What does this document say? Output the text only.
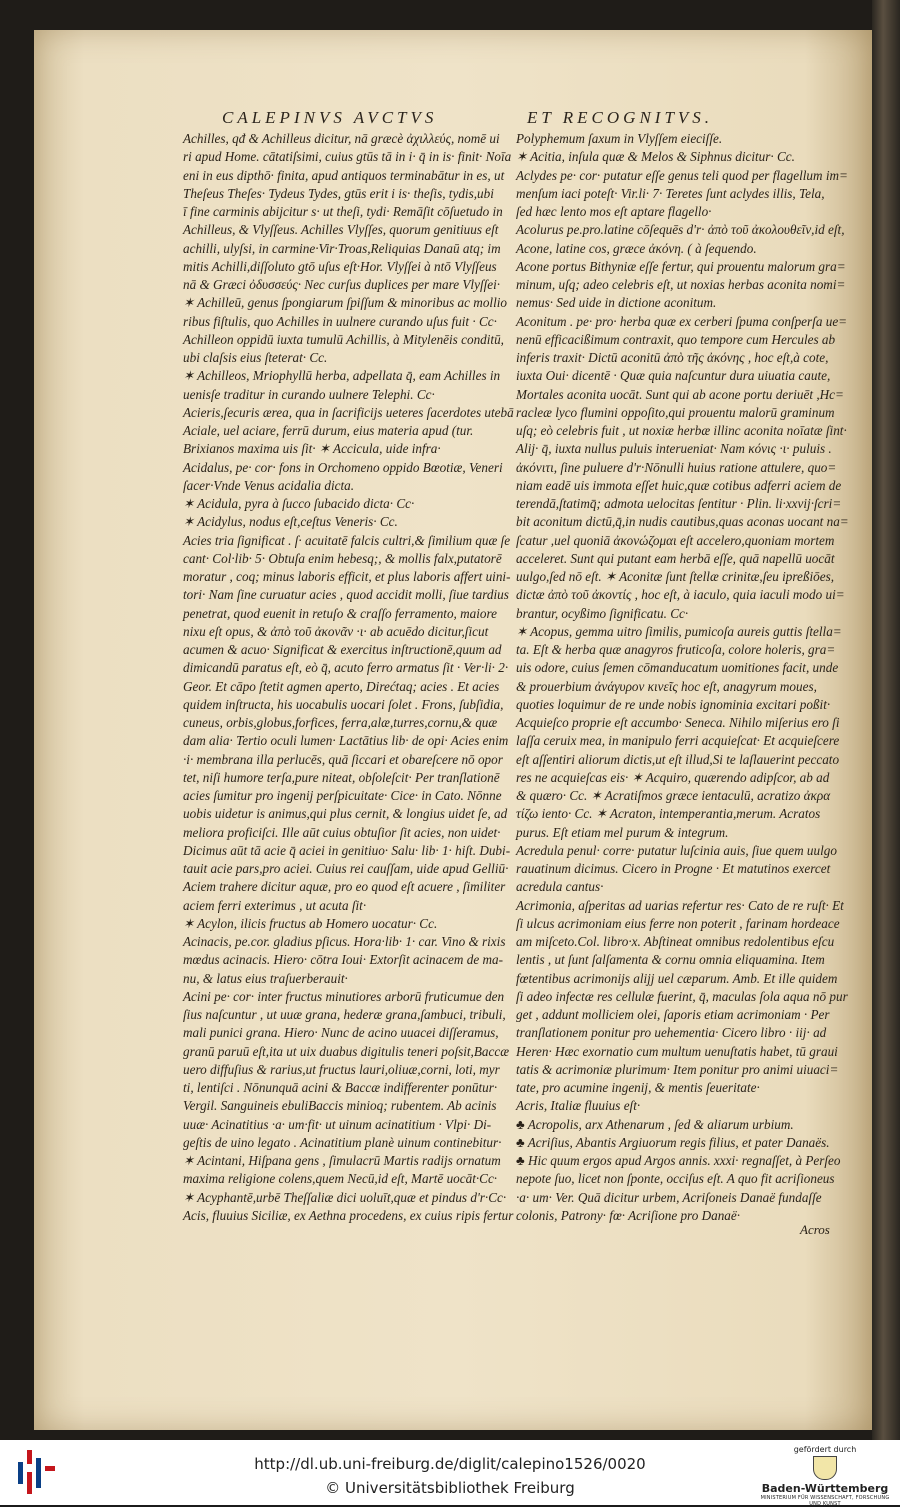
CALEPINVS AVCTVS	ET RECOGNITVS.
Achilles, qđ & Achilleus dicitur, nā græcè ἀχιλλεύς, nomē ui
ri apud Home. cātatiſsimi, cuius gtūs tā in i· q̄ in is· finit· Noīa
eni in eus dipthō· finita, apud antiquos terminabātur in es, ut
Theſeus Theſes· Tydeus Tydes, gtūs erit i is· theſis, tydis,ubi
ī fine carminis abijcitur s· ut theſi, tydi· Remāſit cōſuetudo in
Achilleus, & Vlyſſeus. Achilles Vlyſſes, quorum genitiuus eſt
achilli, ulyſsi, in carmine·Vir·Troas,Reliquias Danaū atq; im
mitis Achilli,diſſoluto gtō uſus eſt·Hor. Vlyſſei à ntō Vlyſſeus
nā & Græci ὀδυσσεύς· Nec curſus duplices per mare Vlyſſei·
✶ Achilleū, genus ſpongiarum ſpiſſum & minoribus ac mollio
ribus fiſtulis, quo Achilles in uulnere curando uſus fuit · Cc·
Achilleon oppidū iuxta tumulū Achillis, à Mitylenēis conditū,
ubi claſsis eius ſteterat· Cc.
✶ Achilleos, Mriophyllū herba, adpellata q̄, eam Achilles in
uenisſe traditur in curando uulnere Telephi. Cc·
Acieris,ſecuris ærea, qua in ſacrificijs ueteres ſacerdotes utebā
Aciale, uel aciare, ferrū durum, eius materia apud (tur.
Brixianos maxima uis ſit· ✶ Accicula, uide infra·
Acidalus, pe· cor· fons in Orchomeno oppido Bœotiæ, Veneri
ſacer·Vnde Venus acidalia dicta.
✶ Acidula, pyra à ſucco ſubacido dicta· Cc·
✶ Acidylus, nodus eſt,ceſtus Veneris· Cc.
Acies tria ſignificat . ſ· acuitatē falcis cultri,& ſimilium quæ ſe
cant· Col·lib· 5· Obtuſa enim hebesq;, & mollis falx,putatorē
moratur , coq; minus laboris efficit, et plus laboris affert uini-
tori· Nam ſine curuatur acies , quod accidit molli, ſiue tardius
penetrat, quod euenit in retuſo & craſſo ferramento, maiore
nixu eſt opus, & ἀπὸ τοῦ ἀκονᾶν ·ι· ab acuēdo dicitur,ſicut
acumen & acuo· Significat & exercitus inſtructionē,quum ad
dimicandū paratus eſt, eò q̄, acuto ferro armatus ſit · Ver·li· 2·
Geor. Et cāpo ſtetit agmen aperto, Direćtaq; acies . Et acies
quidem inſtructa, his uocabulis uocari ſolet . Frons, ſubſidia,
cuneus, orbis,globus,forfices, ferra,alæ,turres,cornu,& quæ
dam alia· Tertio oculi lumen· Lactātius lib· de opi· Acies enim
·i· membrana illa perlucēs, quā ſiccari et obareſcere nō opor
tet, niſi humore terſa,pure niteat, obſoleſcit· Per tranſlationē
acies ſumitur pro ingenij perſpicuitate· Cice· in Cato. Nōnne
uobis uidetur is animus,qui plus cernit, & longius uidet ſe, ad
meliora proficiſci. Ille aūt cuius obtuſior ſit acies, non uidet·
Dicimus aūt tā acie q̄ aciei in genitiuo· Salu· lib· 1· hiſt. Dubi-
tauit acie pars,pro aciei. Cuius rei cauſſam, uide apud Gelliū·
Aciem trahere dicitur aquæ, pro eo quod eſt acuere , ſimiliter
aciem ferri exterimus , ut acuta ſit·
✶ Acylon, ilicis fructus ab Homero uocatur· Cc.
Acinacis, pe.cor. gladius pſicus. Hora·lib· 1· car. Vino & rixis
mœdus acinacis. Hiero· cōtra Ioui· Extorſit acinacem de ma-
nu, & latus eius traſuerberauit·
Acini pe· cor· inter fructus minutiores arborū fruticumue den
ſius naſcuntur , ut uuæ grana, hederæ grana,ſambuci, tribuli,
mali punici grana. Hiero· Nunc de acino uuacei diſſeramus,
granū paruū eſt,ita ut uix duabus digitulis teneri poſsit,Baccæ
uero diffuſius & rarius,ut fructus lauri,oliuæ,corni, loti, myr
ti, lentiſci . Nōnunquā acini & Baccæ indifferenter ponūtur·
Vergil. Sanguineis ebuliBaccis minioq; rubentem. Ab acinis
uuæ· Acinatitius ·a· um·fit· ut uinum acinatitium · Vlpi· Di-
geſtis de uino legato . Acinatitium planè uinum continebitur·
✶ Acintani, Hiſpana gens , ſimulacrū Martis radijs ornatum
maxima religione colens,quem Necū,id eſt, Martē uocāt·Cc·
✶ Acyphantē,urbē Theſſaliæ dici uoluīt,quæ et pindus d'r·Cc·
Acis, fluuius Siciliæ, ex Aethna procedens, ex cuius ripis fertur
Polyphemum ſaxum in Vlyſſem eieciſſe.
✶ Acitia, inſula quæ & Melos & Siphnus dicitur· Cc.
Aclydes pe· cor· putatur eſſe genus teli quod per flagellum im=
menſum iaci poteſt· Vir.li· 7· Teretes ſunt aclydes illis, Tela,
ſed hæc lento mos eſt aptare flagello·
Acolurus pe.pro.latine cōſequēs d'r· ἀπὸ τοῦ ἀκολουθεῖν,id eſt,
Acone, latine cos, græce ἀκόνη. ( à ſequendo.
Acone portus Bithyniæ eſſe fertur, qui prouentu malorum gra=
minum, uſq; adeo celebris eſt, ut noxias herbas aconita nomi=
nemus· Sed uide in dictione aconitum.
Aconitum . pe· pro· herba quæ ex cerberi ſpuma conſperſa ue=
nenū efficacißimum contraxit, quo tempore cum Hercules ab
inferis traxit· Dictū aconitū ἀπὸ τῆς ἀκόνης , hoc eſt,à cote,
iuxta Oui· dicentē · Quæ quia naſcuntur dura uiuatia caute,
Mortales aconita uocāt. Sunt qui ab acone portu deriuēt ,Hc=
racleæ lyco flumini oppoſito,qui prouentu malorū graminum
uſq; eò celebris fuit , ut noxiæ herbæ illinc aconita noīatæ ſint·
Alij· q̄, iuxta nullus puluis interueniat· Nam κόνις ·ι· puluis .
ἀκόνιτι, ſine puluere d'r·Nōnulli huius ratione attulere, quo=
niam eadē uis immota eſſet huic,quæ cotibus adferri aciem de
terendā,ſtatimq̄; admota uelocitas ſentitur · Plin. li·xxvij·ſcri=
bit aconitum dictū,q̄,in nudis cautibus,quas aconas uocant na=
ſcatur ,uel quoniā ἀκονώζομαι eſt accelero,quoniam mortem
acceleret. Sunt qui putant eam herbā eſſe, quā napellū uocāt
uulgo,ſed nō eſt. ✶ Aconitæ ſunt ſtellæ crinitæ,ſeu ipreßiōes,
dictæ ἀπὸ τοῦ ἀκοντίς , hoc eſt, à iaculo, quia iaculi modo ui=
brantur, ocyßimo ſignificatu. Cc·
✶ Acopus, gemma uitro ſimilis, pumicoſa aureis guttis ſtella=
ta. Eſt & herba quæ anagyros fruticoſa, colore holeris, gra=
uis odore, cuius ſemen cōmanducatum uomitiones facit, unde
& prouerbium ἀνάγυρον κινεῖς hoc eſt, anagyrum moues,
quoties loquimur de re unde nobis ignominia excitari poßit·
Acquieſco proprie eſt accumbo· Seneca. Nihilo miſerius ero ſi
laſſa ceruix mea, in manipulo ferri acquieſcat· Et acquieſcere
eſt aſſentiri aliorum dictis,ut eſt illud,Si te laſlauerint peccato
res ne acquieſcas eis· ✶ Acquiro, quærendo adipſcor, ab ad
& quæro· Cc. ✶ Acratiſmos græce ientaculū, acratizo ἀκρα
τίζω iento· Cc. ✶ Acraton, intemperantia,merum. Acratos
purus. Eſt etiam mel purum & integrum.
Acredula penul· corre· putatur luſcinia auis, ſiue quem uulgo
rauatinum dicimus. Cicero in Progne · Et matutinos exercet
acredula cantus·
Acrimonia, aſperitas ad uarias refertur res· Cato de re ruſt· Et
ſi ulcus acrimoniam eius ferre non poterit , farinam hordeace
am miſceto.Col. libro·x. Abſtineat omnibus redolentibus eſcu
lentis , ut ſunt ſalſamenta & cornu omnia eliquamina. Item
fœtentibus acrimonijs alijj uel cæparum. Amb. Et ille quidem
ſi adeo infectæ res cellulæ fuerint, q̄, maculas ſola aqua nō pur
get , addunt molliciem olei, ſaporis etiam acrimoniam · Per
tranſlationem ponitur pro uehementia· Cicero libro · iij· ad
Heren· Hæc exornatio cum multum uenuſtatis habet, tū graui
tatis & acrimoniæ plurimum· Item ponitur pro animi uiuaci=
tate, pro acumine ingenij, & mentis ſeueritate·
Acris, Italiæ fluuius eſt·
♣ Acropolis, arx Athenarum , ſed & aliarum urbium.
♣ Acriſius, Abantis Argiuorum regis filius, et pater Danaës.
♣ Hic quum ergos apud Argos annis. xxxi· regnaſſet, à Perſeo
nepote ſuo, licet non ſponte, occiſus eſt. A quo fit acriſioneus
·a· um· Ver. Quā dicitur urbem, Acriſoneis Danaë fundaſſe
colonis, Patrony· fœ· Acriſione pro Danaë·
Acros
http://dl.ub.uni-freiburg.de/diglit/calepino1526/0020
© Universitätsbibliothek Freiburg
gefördert durch
Baden-Württemberg
MINISTERIUM FÜR WISSENSCHAFT, FORSCHUNG UND KUNST
